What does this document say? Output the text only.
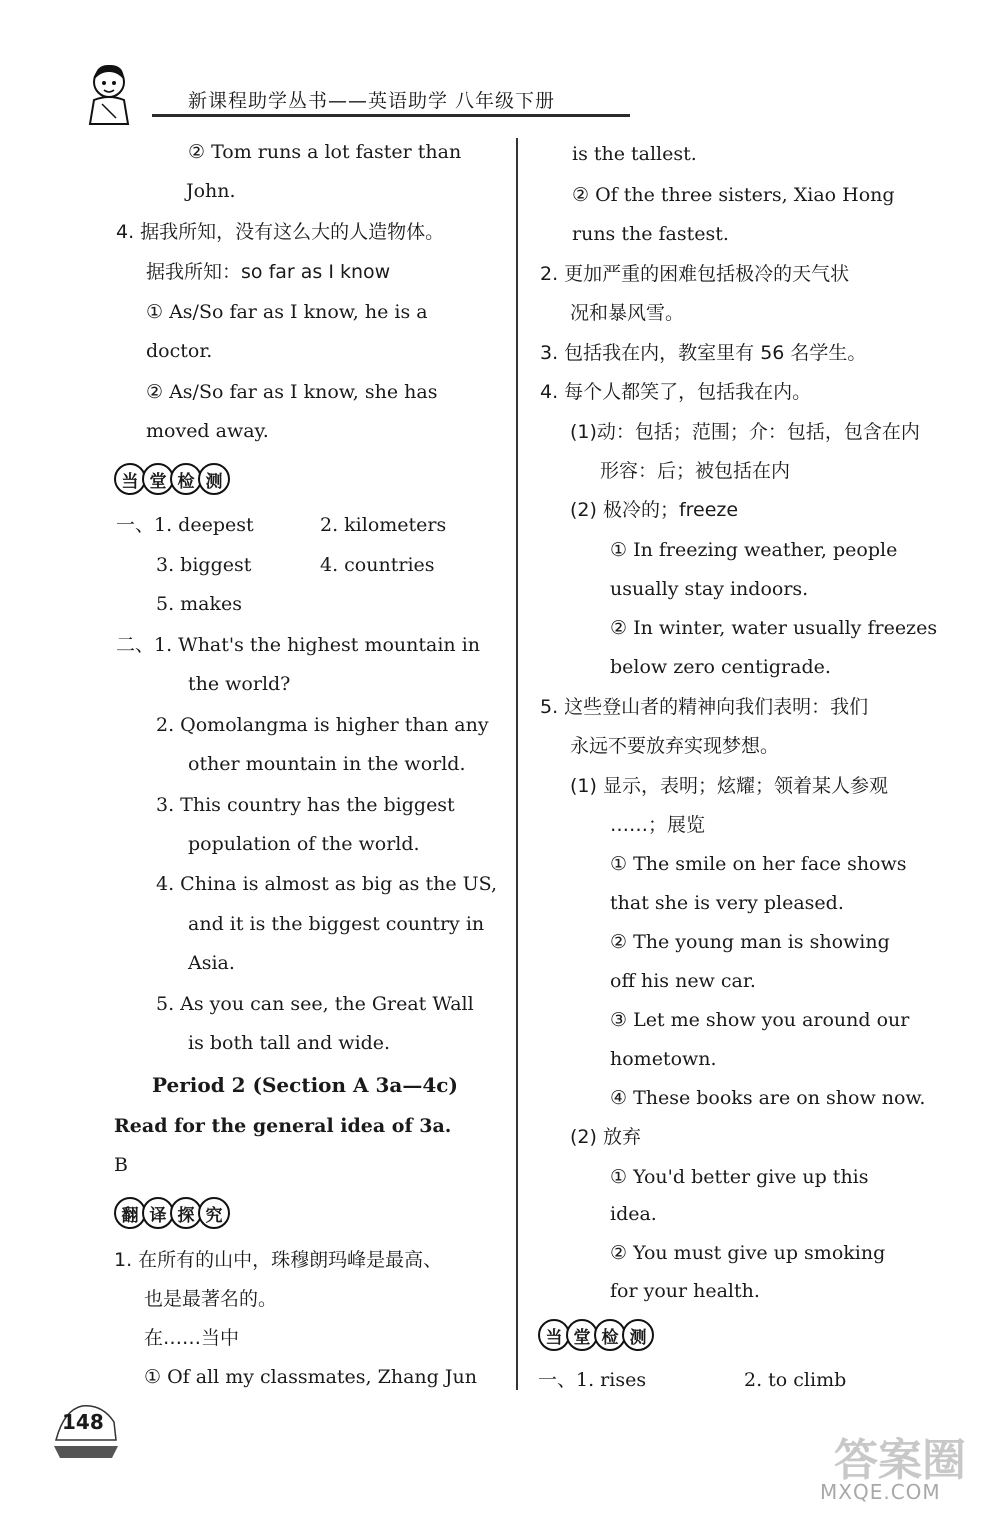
新课程助学丛书——英语助学 八年级下册
② Tom runs a lot faster than
John.
4. 据我所知，没有这么大的人造物体。
据我所知：so far as I know
① As/So far as I know, he is a
doctor.
② As/So far as I know, she has
moved away.
当 堂 检 测
一、1. deepest	2. kilometers
3. biggest	4. countries
5. makes
二、1. What's the highest mountain in
the world?
2. Qomolangma is higher than any
other mountain in the world.
3. This country has the biggest
population of the world.
4. China is almost as big as the US,
and it is the biggest country in
Asia.
5. As you can see, the Great Wall
is both tall and wide.
Period 2 (Section A 3a—4c)
Read for the general idea of 3a.
B
翻 译 探 究
1. 在所有的山中，珠穆朗玛峰是最高、
也是最著名的。
在……当中
① Of all my classmates, Zhang Jun
is the tallest.
② Of the three sisters, Xiao Hong
runs the fastest.
2. 更加严重的困难包括极冷的天气状
况和暴风雪。
3. 包括我在内，教室里有 56 名学生。
4. 每个人都笑了，包括我在内。
(1)动：包括；范围；介：包括，包含在内
形容：后；被包括在内
(2) 极冷的；freeze
① In freezing weather, people
usually stay indoors.
② In winter, water usually freezes
below zero centigrade.
5. 这些登山者的精神向我们表明：我们
永远不要放弃实现梦想。
(1) 显示，表明；炫耀；领着某人参观
……；展览
① The smile on her face shows
that she is very pleased.
② The young man is showing
off his new car.
③ Let me show you around our
hometown.
④ These books are on show now.
(2) 放弃
① You'd better give up this
idea.
② You must give up smoking
for your health.
当 堂 检 测
一、1. rises	2. to climb
148
答案圈
MXQE.COM
